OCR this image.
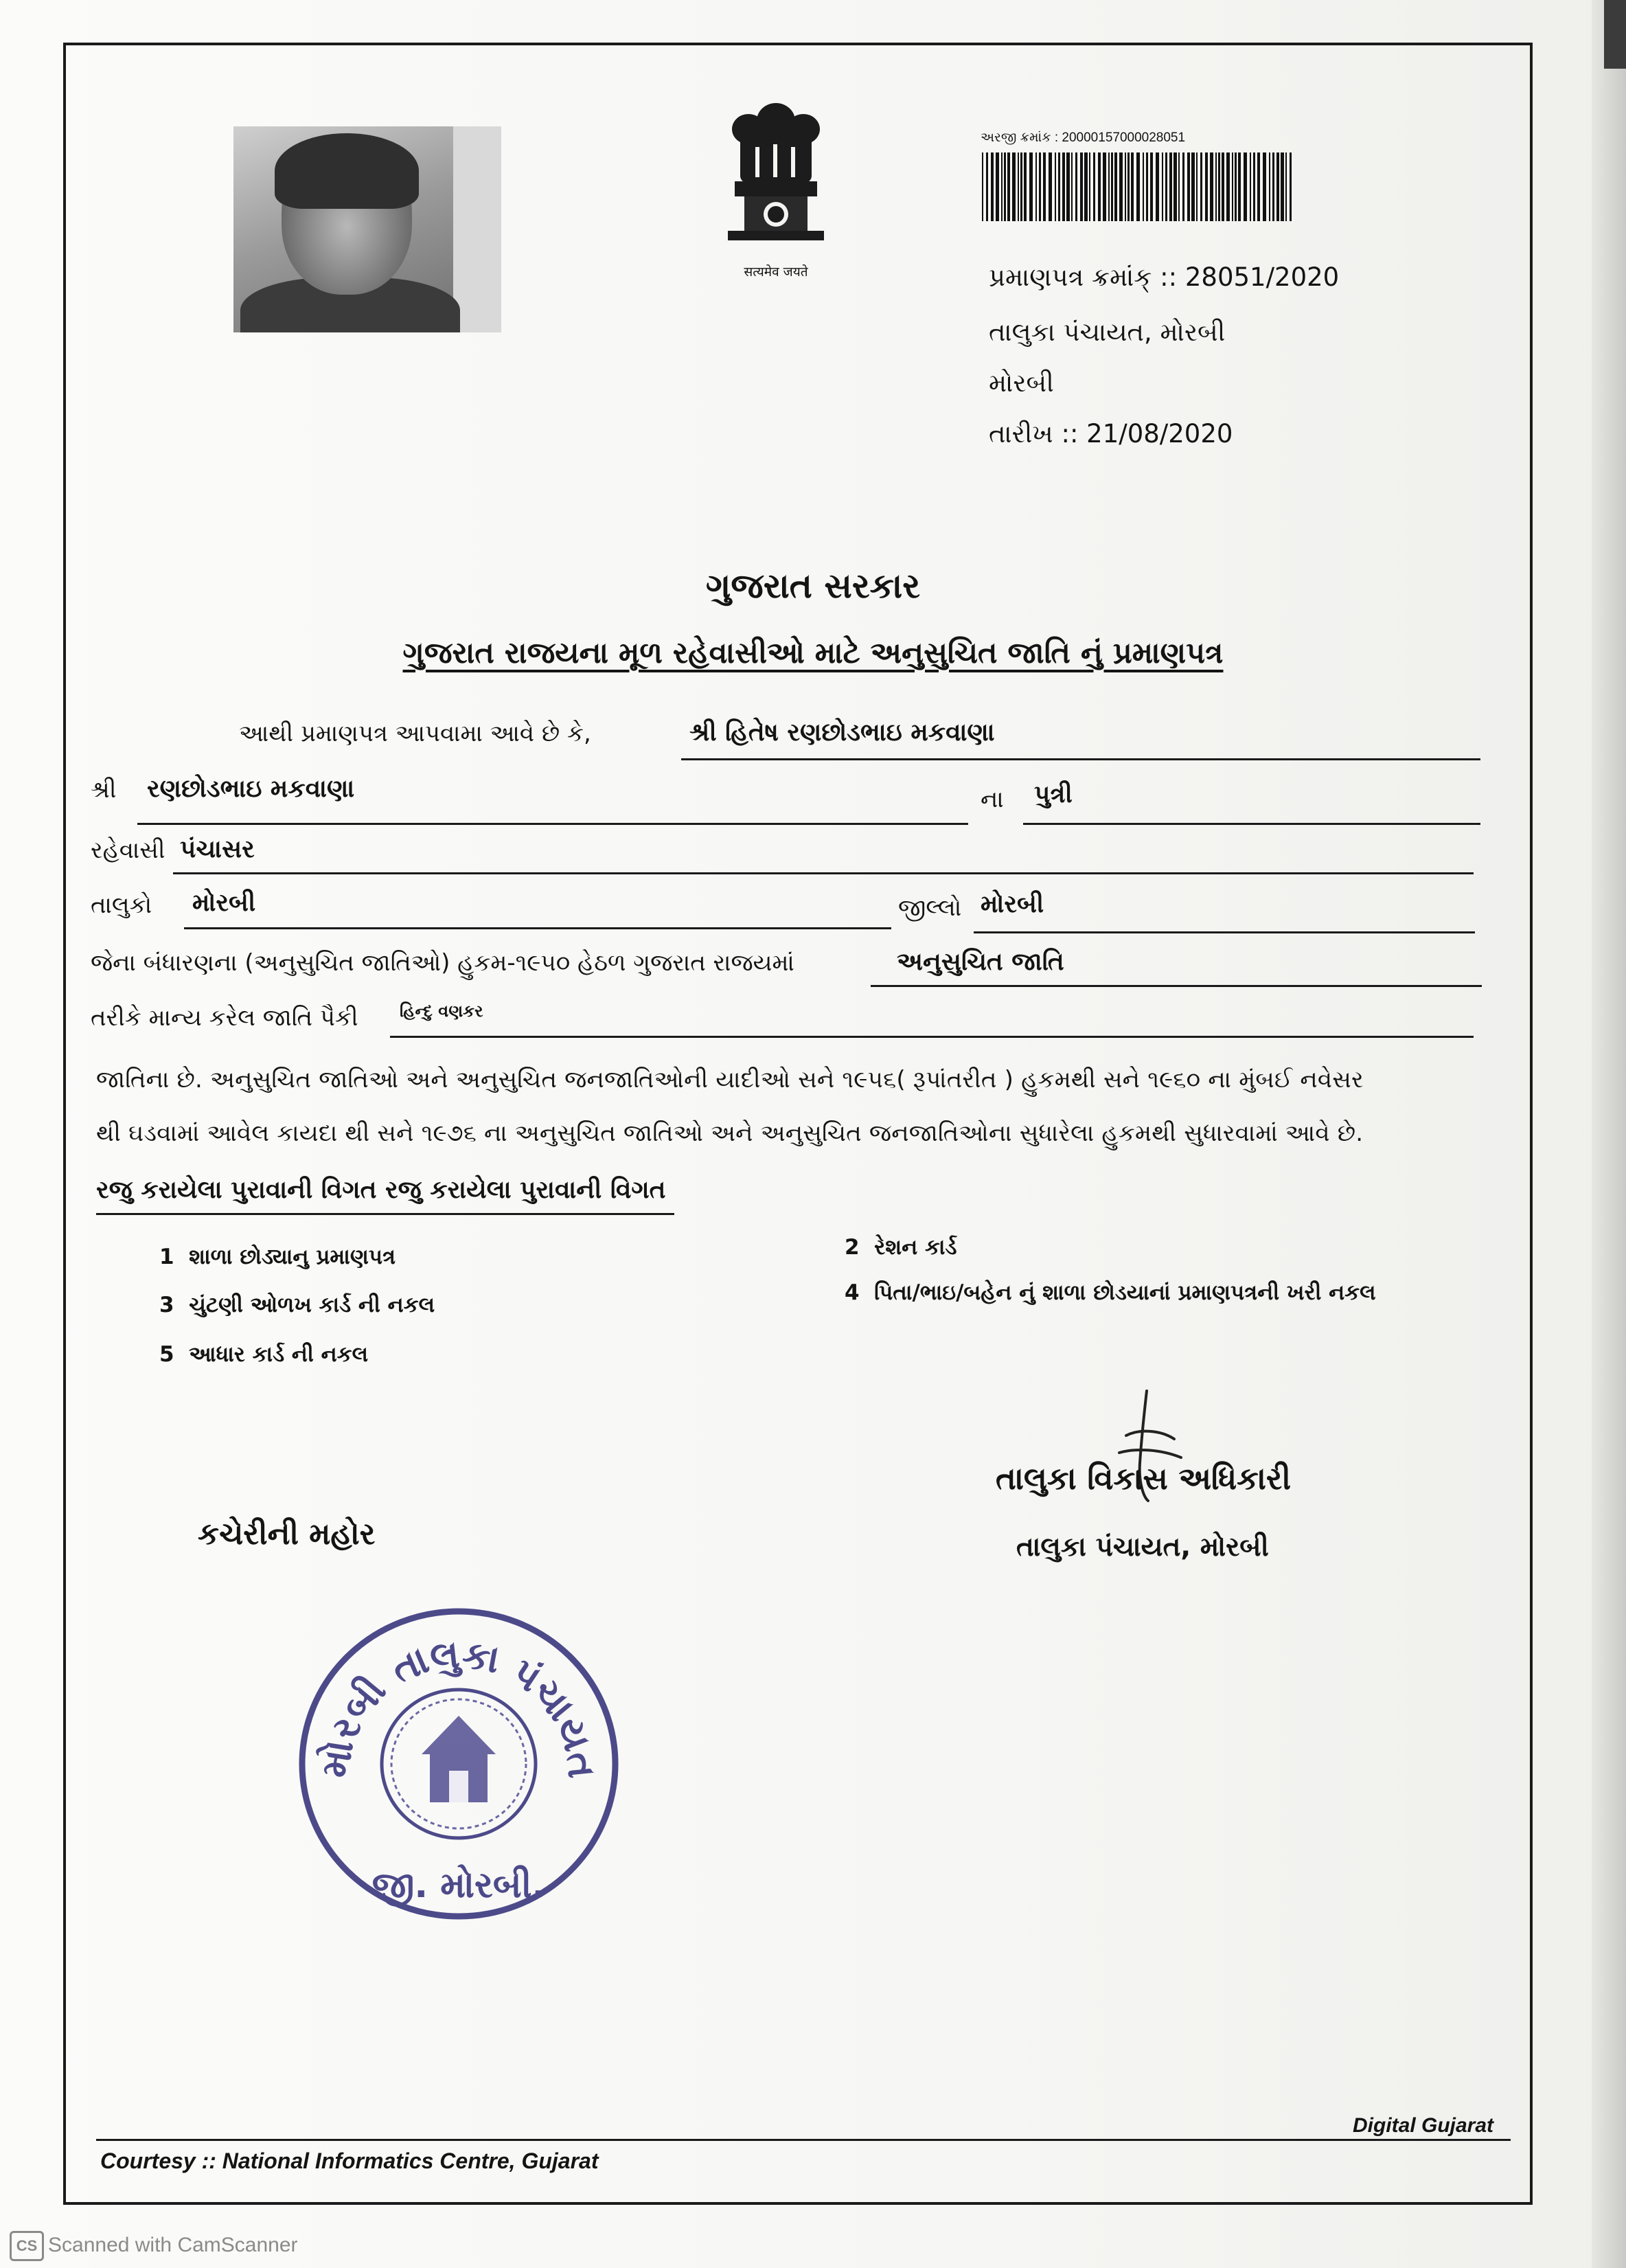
सत्यमेव जयते
અરજી ક્રમાંક : 20000157000028051
પ્રમાણપત્ર ક્રમાંક્ :: 28051/2020
તાલુકા પંચાયત, મોરબી
મોરબી
તારીખ :: 21/08/2020
ગુજરાત સરકાર
ગુજરાત રાજયના મૂળ રહેવાસીઓ માટે અનુસુચિત જાતિ નું પ્રમાણપત્ર
આથી પ્રમાણપત્ર આપવામા આવે છે કે,	શ્રી હિતેષ રણછોડભાઇ મકવાણા
શ્રી રણછોડભાઇ મકવાણા	ના પુત્રી
રહેવાસી પંચાસર
તાલુકો મોરબી	જીલ્લો મોરબી
જેના બંધારણના (અનુસુચિત જાતિઓ) હુકમ-૧૯૫૦ હેઠળ ગુજરાત રાજયમાં	અનુસુચિત જાતિ
તરીકે માન્ય કરેલ જાતિ પૈકી	હિન્દુ વણકર
જાતિના છે. અનુસુચિત જાતિઓ અને અનુસુચિત જનજાતિઓની યાદીઓ સને ૧૯૫૬( રૂપાંતરીત ) હુકમથી સને ૧૯૬૦ ના મુંબઈ નવેસર
થી ઘડવામાં આવેલ કાયદા થી સને ૧૯૭૬ ના અનુસુચિત જાતિઓ અને અનુસુચિત જનજાતિઓના સુધારેલા હુકમથી સુધારવામાં આવે છે.
રજુ કરાયેલા પુરાવાની વિગત રજુ કરાયેલા પુરાવાની વિગત
1 શાળા છોડ્યાનુ પ્રમાણપત્ર	2 રેશન કાર્ડ
3 ચુંટણી ઓળખ કાર્ડ ની નકલ	4 પિતા/ભાઇ/બહેન નું શાળા છોડયાનાં પ્રમાણપત્રની ખરી નકલ
5 આધાર કાર્ડ ની નકલ
તાલુકા વિકાસ અધિકારી
તાલુકા પંચાયત, મોરબી
કચેરીની મહોર
મોરબી તાલુકા પંચાયત
જી. મોરબી.
Courtesy :: National Informatics Centre, Gujarat
Digital Gujarat
CS Scanned with CamScanner
